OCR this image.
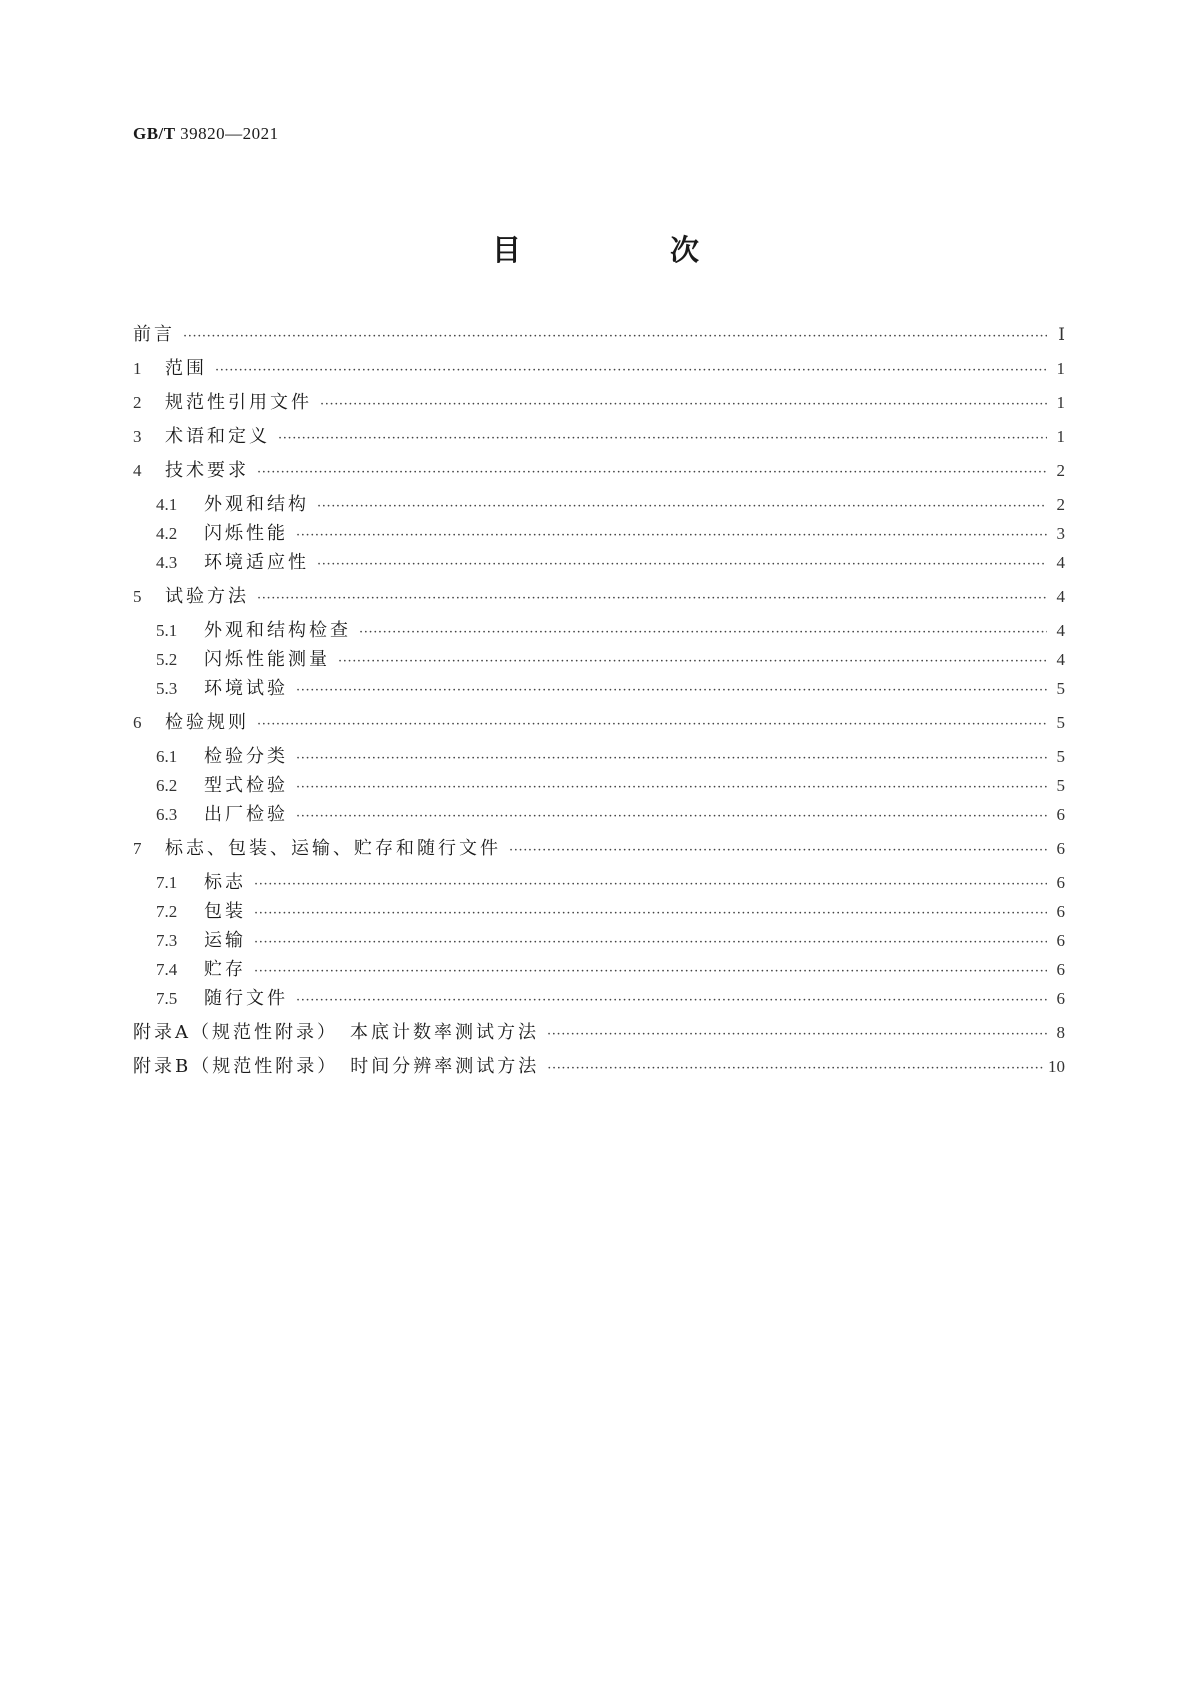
GB/T 39820—2021
目　次
前言 ·····	Ⅰ
1	范围 ·····	1
2	规范性引用文件 ·····	1
3	术语和定义 ·····	1
4	技术要求 ·····	2
4.1	外观和结构 ·····	2
4.2	闪烁性能 ·····	3
4.3	环境适应性 ·····	4
5	试验方法 ·····	4
5.1	外观和结构检查 ·····	4
5.2	闪烁性能测量 ·····	4
5.3	环境试验 ·····	5
6	检验规则 ·····	5
6.1	检验分类 ·····	5
6.2	型式检验 ·····	5
6.3	出厂检验 ·····	6
7	标志、包装、运输、贮存和随行文件 ·····	6
7.1	标志 ·····	6
7.2	包装 ·····	6
7.3	运输 ·····	6
7.4	贮存 ·····	6
7.5	随行文件 ·····	6
附录A（规范性附录）　本底计数率测试方法 ·····	8
附录B（规范性附录）　时间分辨率测试方法 ·····	10
